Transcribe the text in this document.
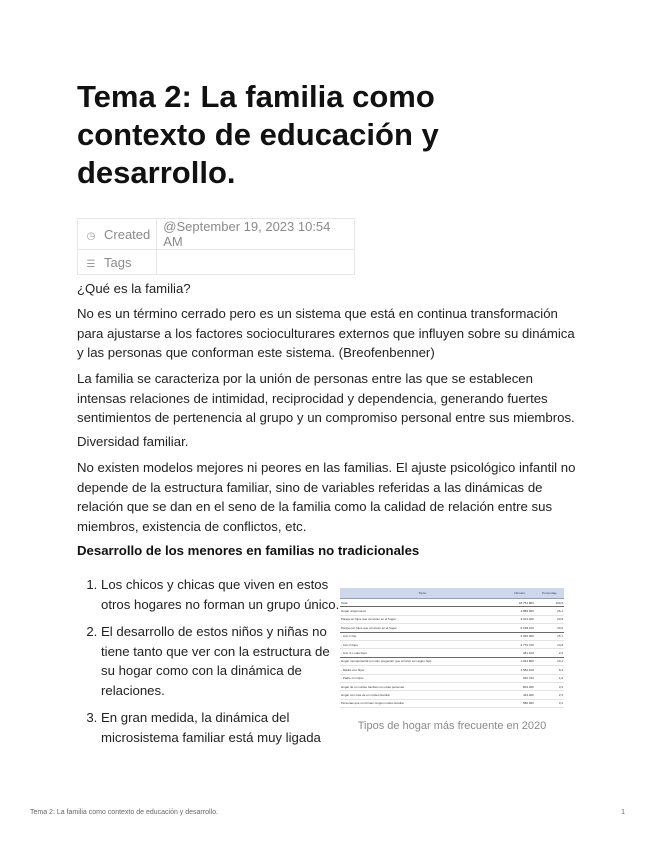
Tema 2: La familia como contexto de educación y desarrollo.
◷ Created	@September 19, 2023 10:54 AM
☰ Tags	

¿Qué es la familia?

No es un término cerrado pero es un sistema que está en continua transformación para ajustarse a los factores socioculturares externos que influyen sobre su dinámica y las personas que conforman este sistema. (Breofenbenner)

La familia se caracteriza por la unión de personas entre las que se establecen intensas relaciones de intimidad, reciprocidad y dependencia, generando fuertes sentimientos de pertenencia al grupo y un compromiso personal entre sus miembros.

Diversidad familiar.

No existen modelos mejores ni peores en las familias. El ajuste psicológico infantil no depende de la estructura familiar, sino de variables referidas a las dinámicas de relación que se dan en el seno de la familia como la calidad de relación entre sus miembros, existencia de conflictos, etc.

Desarrollo de los menores en familias no tradicionales

1. Los chicos y chicas que viven en estos otros hogares no forman un grupo único.
2. El desarrollo de estos niños y niñas no tiene tanto que ver con la estructura de su hogar como con la dinámica de relaciones.
3. En gran medida, la dinámica del microsistema familiar está muy ligada
Tipos	Número	Porcentaje
Total	18.754.800	100,0
Hogar unipersonal	4.889.900	26,1
Pareja sin hijos que convivan en el hogar	3.913.400	20,9
Pareja con hijos que convivan en el hogar	6.198.100	33,0
- Con 1 hijo	2.946.300	15,7
- Con 2 hijos	2.770.700	14,8
- Con 3 o más hijos	481.100	2,6
Hogar monoparental (un solo progenitor que convive con algún hijo)	1.944.800	10,4
- Madre con hijos	1.582.100	8,4
- Padre con hijos	362.700	1,9
Hogar de un núcleo familiar con otras personas	803.300	4,3
Hogar con más de un núcleo familiar	424.400	2,3
Personas que no forman ningún núcleo familiar	580.900	3,1
Tipos de hogar más frecuente en 2020
Tema 2: La familia como contexto de educación y desarrollo.	1
